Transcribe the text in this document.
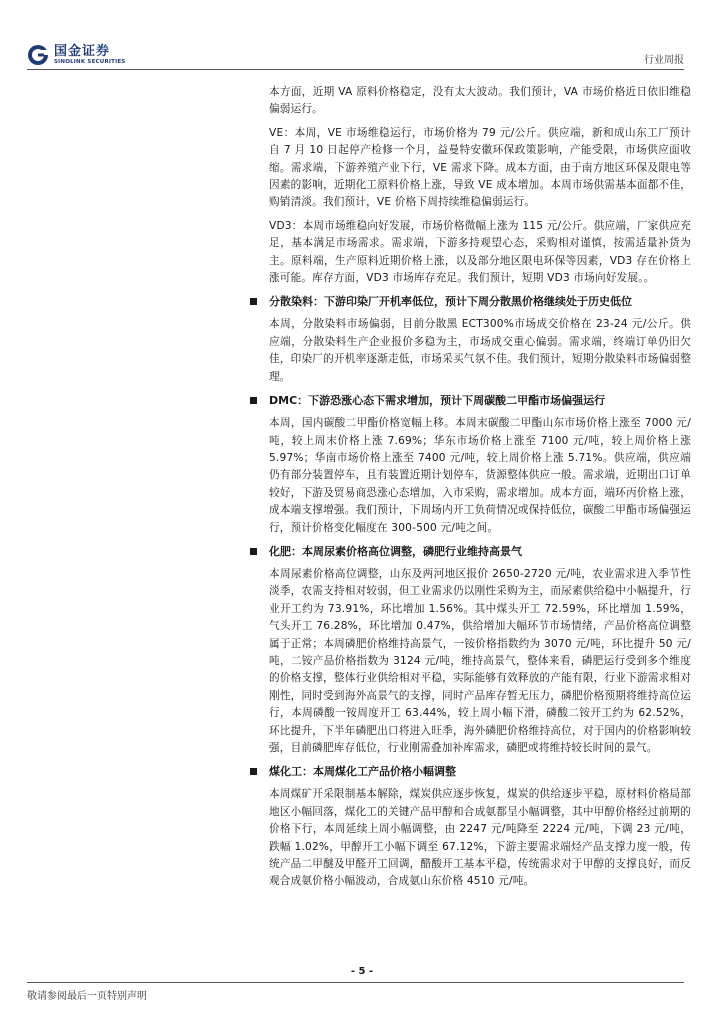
国金证券
SINOLINK SECURITIES	行业周报

本方面，近期 VA 原料价格稳定，没有太大波动。我们预计，VA 市场价格近日依旧维稳偏弱运行。

VE：本周，VE 市场维稳运行，市场价格为 79 元/公斤。供应端，新和成山东工厂预计自 7 月 10 日起停产检修一个月，益曼特安徽环保政策影响，产能受限，市场供应面收缩。需求端，下游养殖产业下行，VE 需求下降。成本方面，由于南方地区环保及限电等因素的影响，近期化工原料价格上涨，导致 VE 成本增加。本周市场供需基本面都不佳，购销清淡。我们预计，VE 价格下周持续维稳偏弱运行。

VD3：本周市场维稳向好发展，市场价格微幅上涨为 115 元/公斤。供应端，厂家供应充足，基本满足市场需求。需求端，下游多持观望心态，采购相对谨慎，按需适量补货为主。原料端，生产原料近期价格上涨，以及部分地区限电环保等因素，VD3 存在价格上涨可能。库存方面，VD3 市场库存充足。我们预计，短期 VD3 市场向好发展。。

分散染料：下游印染厂开机率低位，预计下周分散黑价格继续处于历史低位

本周，分散染料市场偏弱，目前分散黑 ECT300%市场成交价格在 23-24 元/公斤。供应端，分散染料生产企业报价多稳为主，市场成交重心偏弱。需求端，终端订单仍旧欠佳，印染厂的开机率逐渐走低，市场采买气氛不佳。我们预计，短期分散染料市场偏弱整理。

DMC：下游恐涨心态下需求增加，预计下周碳酸二甲酯市场偏强运行

本周，国内碳酸二甲酯价格宽幅上移。本周末碳酸二甲酯山东市场价格上涨至 7000 元/吨，较上周末价格上涨 7.69%；华东市场价格上涨至 7100 元/吨，较上周价格上涨 5.97%；华南市场价格上涨至 7400 元/吨，较上周价格上涨 5.71%。供应端，供应端仍有部分装置停车，且有装置近期计划停车，货源整体供应一般。需求端，近期出口订单较好，下游及贸易商恐涨心态增加，入市采购，需求增加。成本方面，端环丙价格上涨，成本端支撑增强。我们预计，下周场内开工负荷情况或保持低位，碳酸二甲酯市场偏强运行，预计价格变化幅度在 300-500 元/吨之间。

化肥：本周尿素价格高位调整，磷肥行业维持高景气

本周尿素价格高位调整，山东及两河地区报价 2650-2720 元/吨，农业需求进入季节性淡季，农需支持相对较弱，但工业需求仍以刚性采购为主，而尿素供给稳中小幅提升，行业开工约为 73.91%，环比增加 1.56%。其中煤头开工 72.59%，环比增加 1.59%，气头开工 76.28%，环比增加 0.47%，供给增加大幅环节市场情绪，产品价格高位调整属于正常；本周磷肥价格维持高景气，一铵价格指数约为 3070 元/吨，环比提升 50 元/吨，二铵产品价格指数为 3124 元/吨，维持高景气，整体来看，磷肥运行受到多个维度的价格支撑，整体行业供给相对平稳，实际能够有效释放的产能有限，行业下游需求相对刚性，同时受到海外高景气的支撑，同时产品库存暂无压力，磷肥价格预期将维持高位运行，本周磷酸一铵周度开工 63.44%，较上周小幅下滑，磷酸二铵开工约为 62.52%，环比提升，下半年磷肥出口将进入旺季，海外磷肥价格维持高位，对于国内的价格影响较强，目前磷肥库存低位，行业刚需叠加补库需求，磷肥或将维持较长时间的景气。

煤化工：本周煤化工产品价格小幅调整

本周煤矿开采限制基本解除，煤炭供应逐步恢复，煤炭的供给逐步平稳，原材料价格局部地区小幅回落，煤化工的关键产品甲醇和合成氨都呈小幅调整，其中甲醇价格经过前期的价格下行，本周延续上周小幅调整，由 2247 元/吨降至 2224 元/吨，下调 23 元/吨，跌幅 1.02%，甲醇开工小幅下调至 67.12%，下游主要需求端烃产品支撑力度一般，传统产品二甲醚及甲醛开工回调，醋酸开工基本平稳，传统需求对于甲醇的支撑良好，而反观合成氨价格小幅波动，合成氨山东价格 4510 元/吨。

- 5 -
敬请参阅最后一页特别声明
